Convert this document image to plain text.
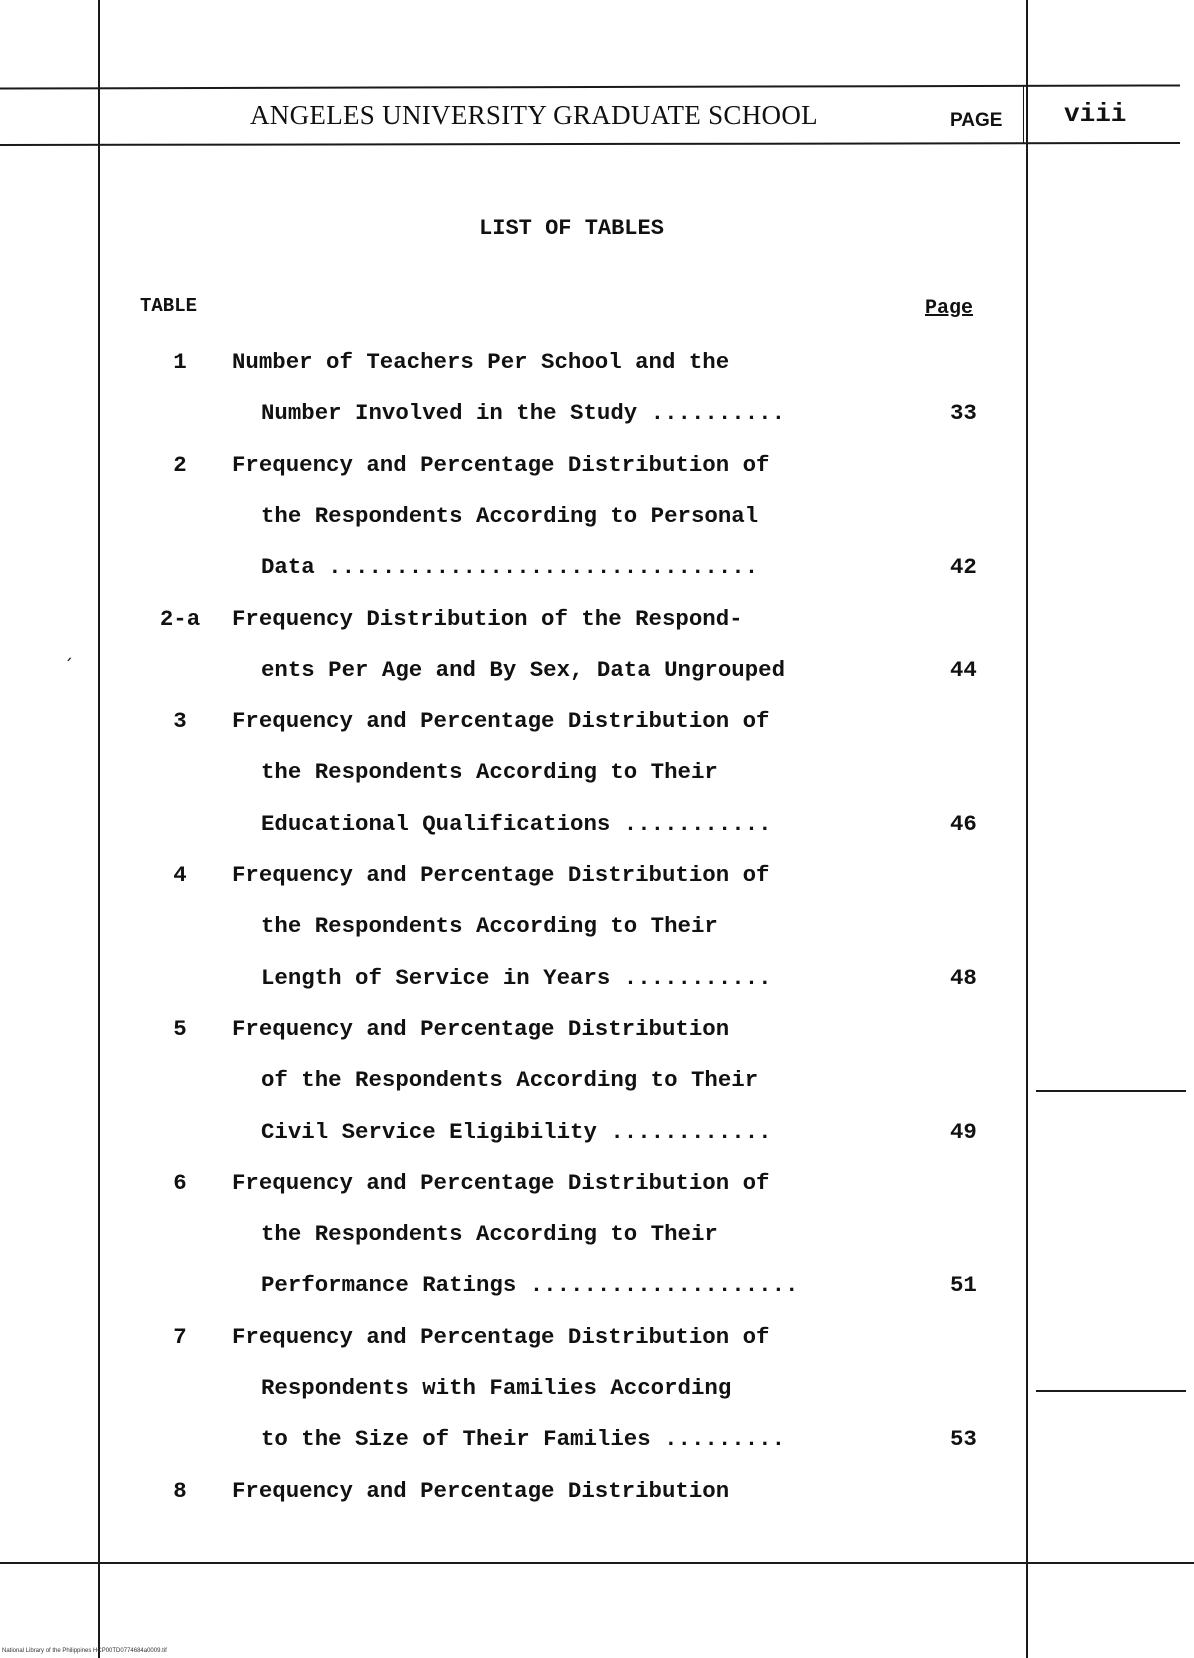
ANGELES UNIVERSITY GRADUATE SCHOOL	PAGE viii
LIST OF TABLES
TABLE	Page
ˊ
1	Number of Teachers Per School and the
Number Involved in the Study ..........	33
2	Frequency and Percentage Distribution of
the Respondents According to Personal
Data ................................	42
2-a	Frequency Distribution of the Respond-
ents Per Age and By Sex, Data Ungrouped	44
3	Frequency and Percentage Distribution of
the Respondents According to Their
Educational Qualifications ...........	46
4	Frequency and Percentage Distribution of
the Respondents According to Their
Length of Service in Years ...........	48
5	Frequency and Percentage Distribution
of the Respondents According to Their
Civil Service Eligibility ............	49
6	Frequency and Percentage Distribution of
the Respondents According to Their
Performance Ratings ....................	51
7	Frequency and Percentage Distribution of
Respondents with Families According
to the Size of Their Families .........	53
8	Frequency and Percentage Distribution
National Library of the Philippines HCP00TD0774684a0009.tif
